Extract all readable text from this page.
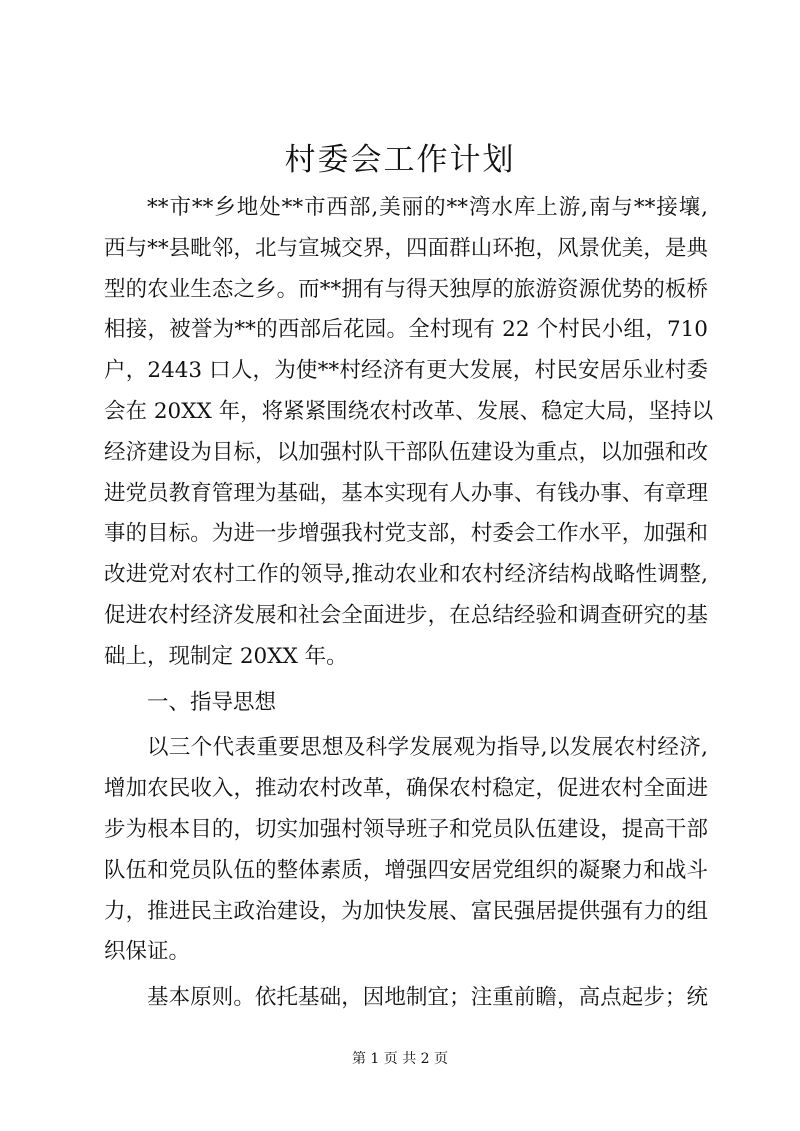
村委会工作计划
**市**乡地处**市西部,美丽的**湾水库上游,南与**接壤,
西与**县毗邻，北与宣城交界，四面群山环抱，风景优美，是典
型的农业生态之乡。而**拥有与得天独厚的旅游资源优势的板桥
相接，被誉为**的西部后花园。全村现有 22 个村民小组，710
户，2443 口人，为使**村经济有更大发展，村民安居乐业村委
会在 20XX 年，将紧紧围绕农村改革、发展、稳定大局，坚持以
经济建设为目标，以加强村队干部队伍建设为重点，以加强和改
进党员教育管理为基础，基本实现有人办事、有钱办事、有章理
事的目标。为进一步增强我村党支部，村委会工作水平，加强和
改进党对农村工作的领导,推动农业和农村经济结构战略性调整,
促进农村经济发展和社会全面进步，在总结经验和调查研究的基
础上，现制定 20XX 年。
一、指导思想
以三个代表重要思想及科学发展观为指导,以发展农村经济,
增加农民收入，推动农村改革，确保农村稳定，促进农村全面进
步为根本目的，切实加强村领导班子和党员队伍建设，提高干部
队伍和党员队伍的整体素质，增强四安居党组织的凝聚力和战斗
力，推进民主政治建设，为加快发展、富民强居提供强有力的组
织保证。
基本原则。依托基础，因地制宜；注重前瞻，高点起步；统
第 1 页 共 2 页
